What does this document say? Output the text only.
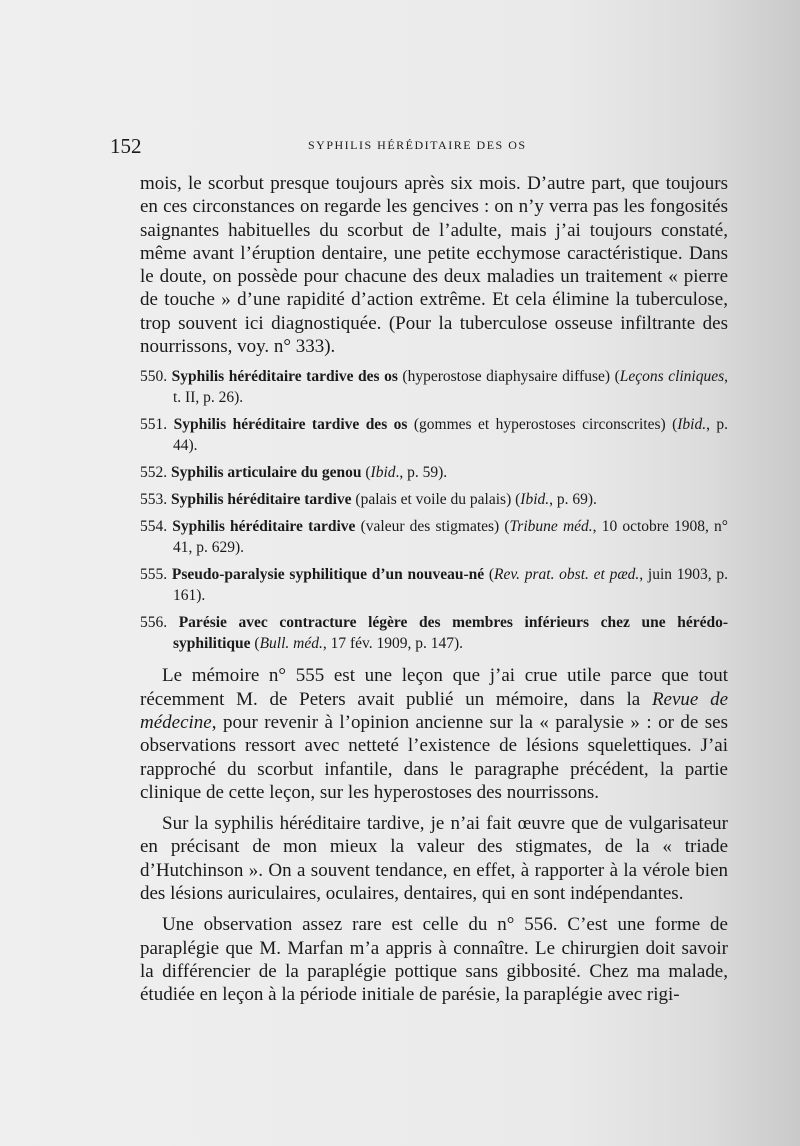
152	SYPHILIS HÉRÉDITAIRE DES OS

mois, le scorbut presque toujours après six mois. D’autre part, que toujours en ces circonstances on regarde les gencives : on n’y verra pas les fongosités saignantes habituelles du scorbut de l’adulte, mais j’ai toujours constaté, même avant l’éruption dentaire, une petite ecchymose caractéristique. Dans le doute, on possède pour chacune des deux maladies un traitement « pierre de touche » d’une rapidité d’action extrême. Et cela élimine la tuberculose, trop souvent ici diagnostiquée. (Pour la tuberculose osseuse infiltrante des nourrissons, voy. n° 333).

550. Syphilis héréditaire tardive des os (hyperostose diaphysaire diffuse) (Leçons cliniques, t. II, p. 26).

551. Syphilis héréditaire tardive des os (gommes et hyperostoses circonscrites) (Ibid., p. 44).

552. Syphilis articulaire du genou (Ibid., p. 59).

553. Syphilis héréditaire tardive (palais et voile du palais) (Ibid., p. 69).

554. Syphilis héréditaire tardive (valeur des stigmates) (Tribune méd., 10 octobre 1908, n° 41, p. 629).

555. Pseudo-paralysie syphilitique d’un nouveau-né (Rev. prat. obst. et pæd., juin 1903, p. 161).

556. Parésie avec contracture légère des membres inférieurs chez une hérédo-syphilitique (Bull. méd., 17 fév. 1909, p. 147).

Le mémoire n° 555 est une leçon que j’ai crue utile parce que tout récemment M. de Peters avait publié un mémoire, dans la Revue de médecine, pour revenir à l’opinion ancienne sur la « paralysie » : or de ses observations ressort avec netteté l’existence de lésions squelettiques. J’ai rapproché du scorbut infantile, dans le paragraphe précédent, la partie clinique de cette leçon, sur les hyperostoses des nourrissons.

Sur la syphilis héréditaire tardive, je n’ai fait œuvre que de vulgarisateur en précisant de mon mieux la valeur des stigmates, de la « triade d’Hutchinson ». On a souvent tendance, en effet, à rapporter à la vérole bien des lésions auriculaires, oculaires, dentaires, qui en sont indépendantes.

Une observation assez rare est celle du n° 556. C’est une forme de paraplégie que M. Marfan m’a appris à connaître. Le chirurgien doit savoir la différencier de la paraplégie pottique sans gibbosité. Chez ma malade, étudiée en leçon à la période initiale de parésie, la paraplégie avec rigi-
